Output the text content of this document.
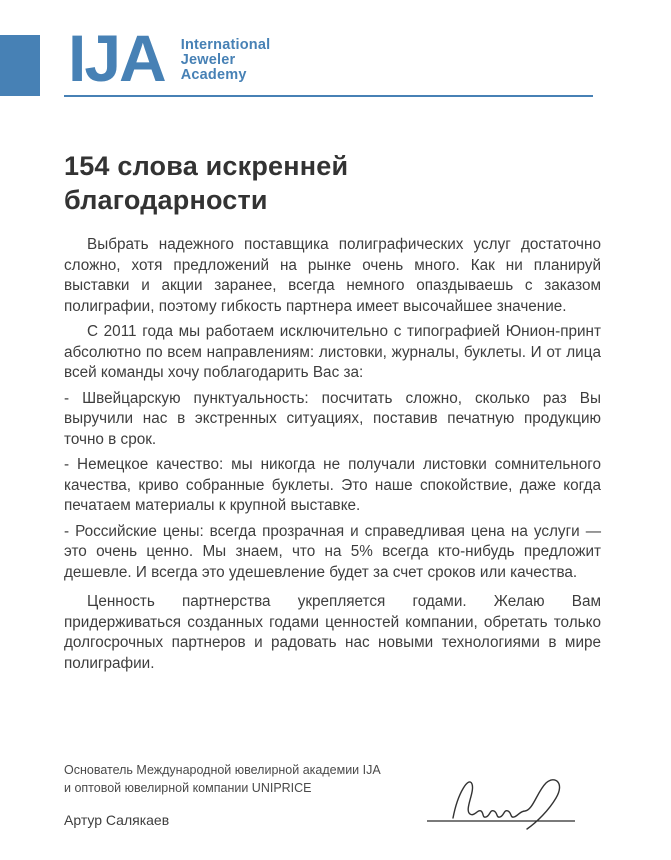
IJA International
Jeweler
Academy
154 слова искренней благодарности

Выбрать надежного поставщика полиграфических услуг достаточно сложно, хотя предложений на рынке очень много. Как ни планируй выставки и акции заранее, всегда немного опаздываешь с заказом полиграфии, поэтому гибкость партнера имеет высочайшее значение.

С 2011 года мы работаем исключительно с типографией Юнион-принт абсолютно по всем направлениям: листовки, журналы, буклеты. И от лица всей команды хочу поблагодарить Вас за:

- Швейцарскую пунктуальность: посчитать сложно, сколько раз Вы выручили нас в экстренных ситуациях, поставив печатную продукцию точно в срок.

- Немецкое качество: мы никогда не получали листовки сомнительного качества, криво собранные буклеты. Это наше спокойствие, даже когда печатаем материалы к крупной выставке.

- Российские цены: всегда прозрачная и справедливая цена на услуги — это очень ценно. Мы знаем, что на 5% всегда кто-нибудь предложит дешевле. И всегда это удешевление будет за счет сроков или качества.

Ценность партнерства укрепляется годами. Желаю Вам придерживаться созданных годами ценностей компании, обретать только долгосрочных партнеров и радовать нас новыми технологиями в мире полиграфии.

Основатель Международной ювелирной академии IJA
и оптовой ювелирной компании UNIPRICE
Артур Салякаев
